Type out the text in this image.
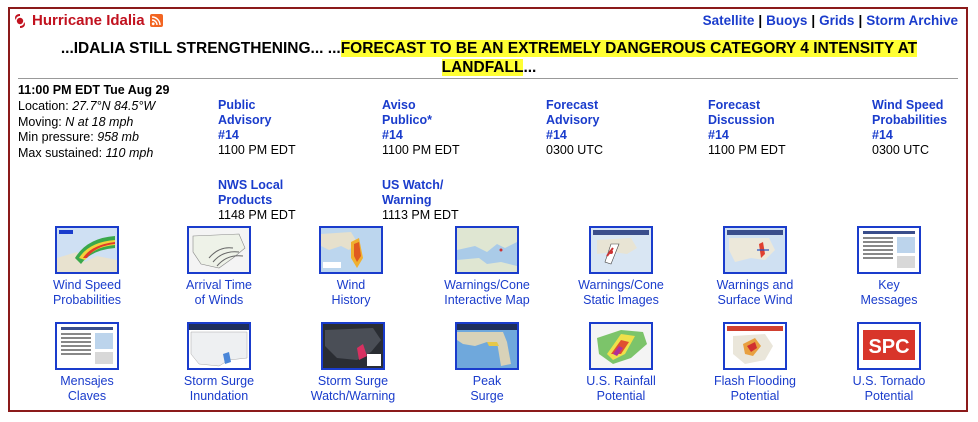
Hurricane Idalia	Satellite | Buoys | Grids | Storm Archive
...IDALIA STILL STRENGTHENING... ...FORECAST TO BE AN EXTREMELY DANGEROUS CATEGORY 4 INTENSITY AT
LANDFALL...
11:00 PM EDT Tue Aug 29
Location: 27.7°N 84.5°W
Moving: N at 18 mph
Min pressure: 958 mb
Max sustained: 110 mph
Public
Advisory
#14
1100 PM EDT
Aviso
Publico*
#14
1100 PM EDT
Forecast
Advisory
#14
0300 UTC
Forecast
Discussion
#14
1100 PM EDT
Wind Speed
Probabilities
#14
0300 UTC
NWS Local
Products
1148 PM EDT
US Watch/
Warning
1113 PM EDT
Wind Speed
Probabilities
Arrival Time
of Winds
Wind
History
Warnings/Cone
Interactive Map
Warnings/Cone
Static Images
Warnings and
Surface Wind
Key
Messages
Mensajes
Claves
Storm Surge
Inundation
Storm Surge
Watch/Warning
Peak
Surge
U.S. Rainfall
Potential
Flash Flooding
Potential
SPC
U.S. Tornado
Potential
